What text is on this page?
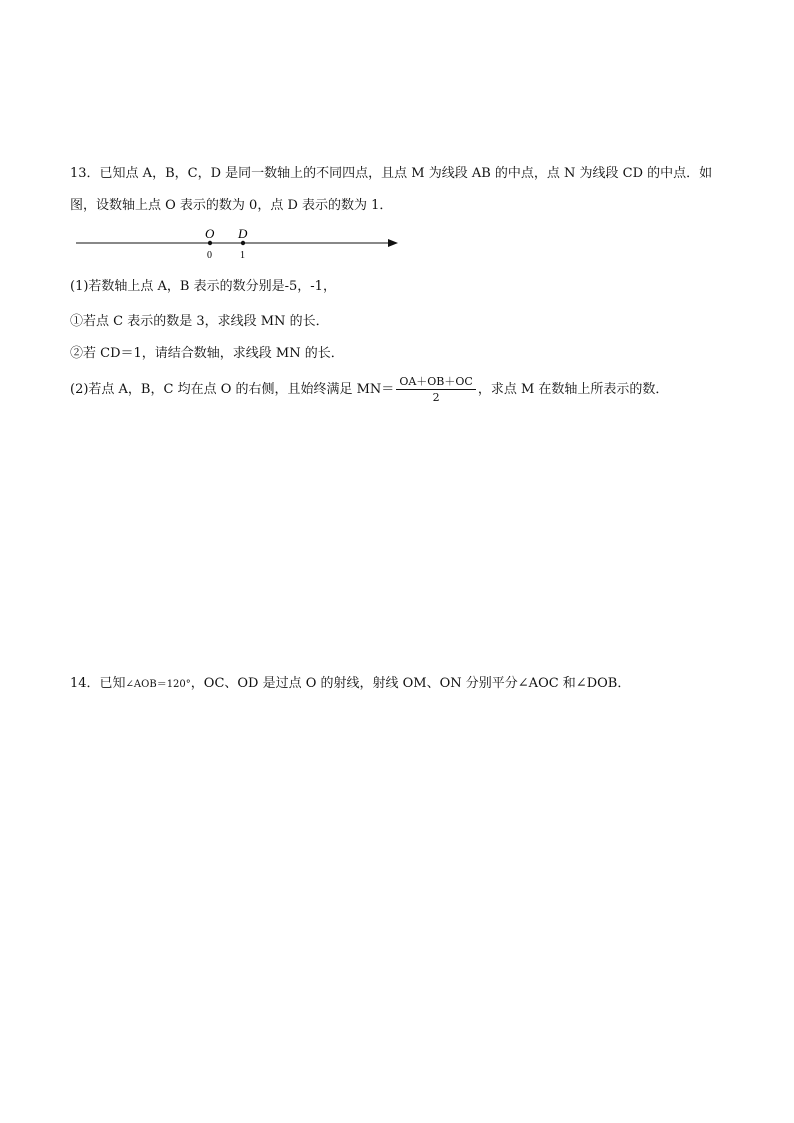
13．已知点 A，B，C，D 是同一数轴上的不同四点，且点 M 为线段 AB 的中点，点 N 为线段 CD 的中点．如
图，设数轴上点 O 表示的数为 0，点 D 表示的数为 1．
O D
0	1
(1)若数轴上点 A，B 表示的数分别是-5，-1，
①若点 C 表示的数是 3，求线段 MN 的长．
②若 CD＝1，请结合数轴，求线段 MN 的长．
(2)若点 A，B，C 均在点 O 的右侧，且始终满足 $MN= \frac{OA+OB+OC}{2}$ ，求点 M 在数轴上所表示的数．
14．已知∠AOB＝120°，OC、OD 是过点 O 的射线，射线 OM、ON 分别平分∠AOC 和∠DOB．
